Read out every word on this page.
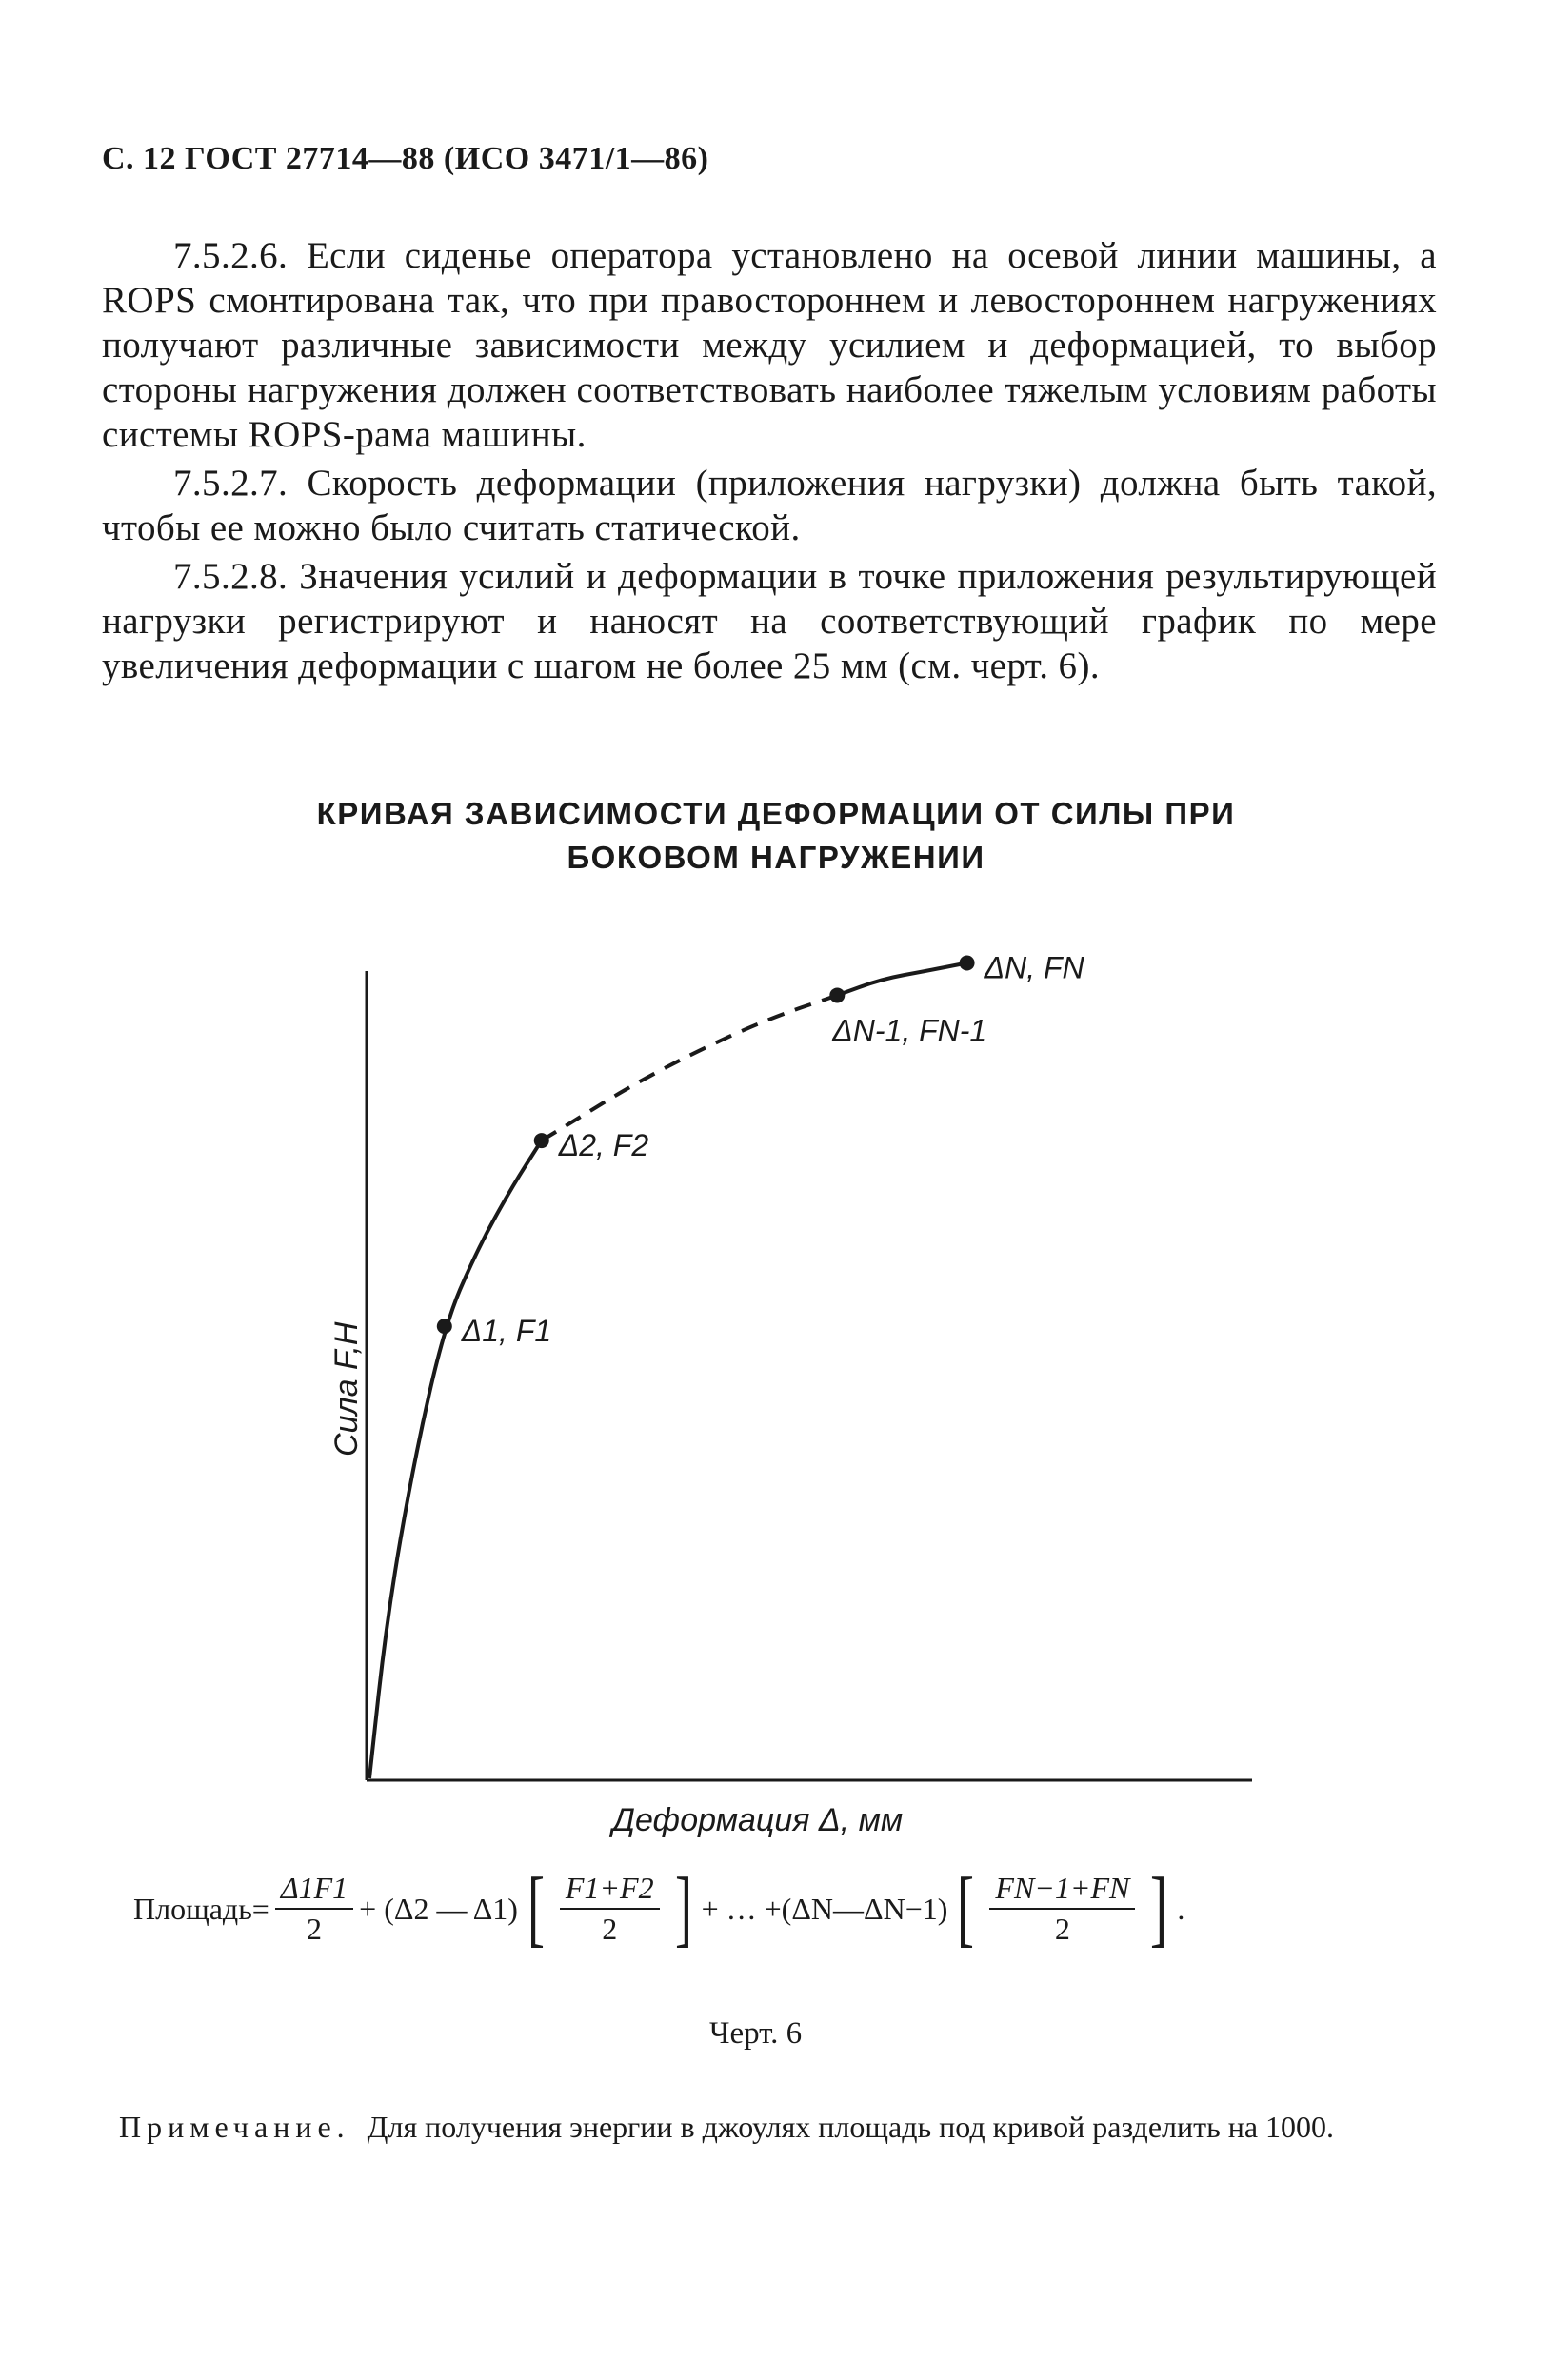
С. 12 ГОСТ 27714—88 (ИСО 3471/1—86)

7.5.2.6. Если сиденье оператора установлено на осевой линии машины, а ROPS смонтирована так, что при правостороннем и левостороннем нагружениях получают различные зависимости между усилием и деформацией, то выбор стороны нагружения должен соответствовать наиболее тяжелым условиям работы системы ROPS-рама машины.

7.5.2.7. Скорость деформации (приложения нагрузки) должна быть такой, чтобы ее можно было считать статической.

7.5.2.8. Значения усилий и деформации в точке приложения результирующей нагрузки регистрируют и наносят на соответствующий график по мере увеличения деформации с шагом не более 25 мм (см. черт. 6).

КРИВАЯ ЗАВИСИМОСТИ ДЕФОРМАЦИИ ОТ СИЛЫ ПРИ
БОКОВОМ НАГРУЖЕНИИ
Δ1, F1
Δ2, F2
ΔN-1, FN-1
ΔN, FN
Сила F,Н
Деформация Δ, мм
Площадь= $\frac{\Delta 1F1}{2} + (\Delta 2$ — Δ1) [ $\frac{F1+F2}{2}$ ] + … +(ΔN—ΔN−1) [ $\frac{FN-1+FN}{2}$ ] .
Черт. 6
Примечание. Для получения энергии в джоулях площадь под кривой разделить на 1000.
